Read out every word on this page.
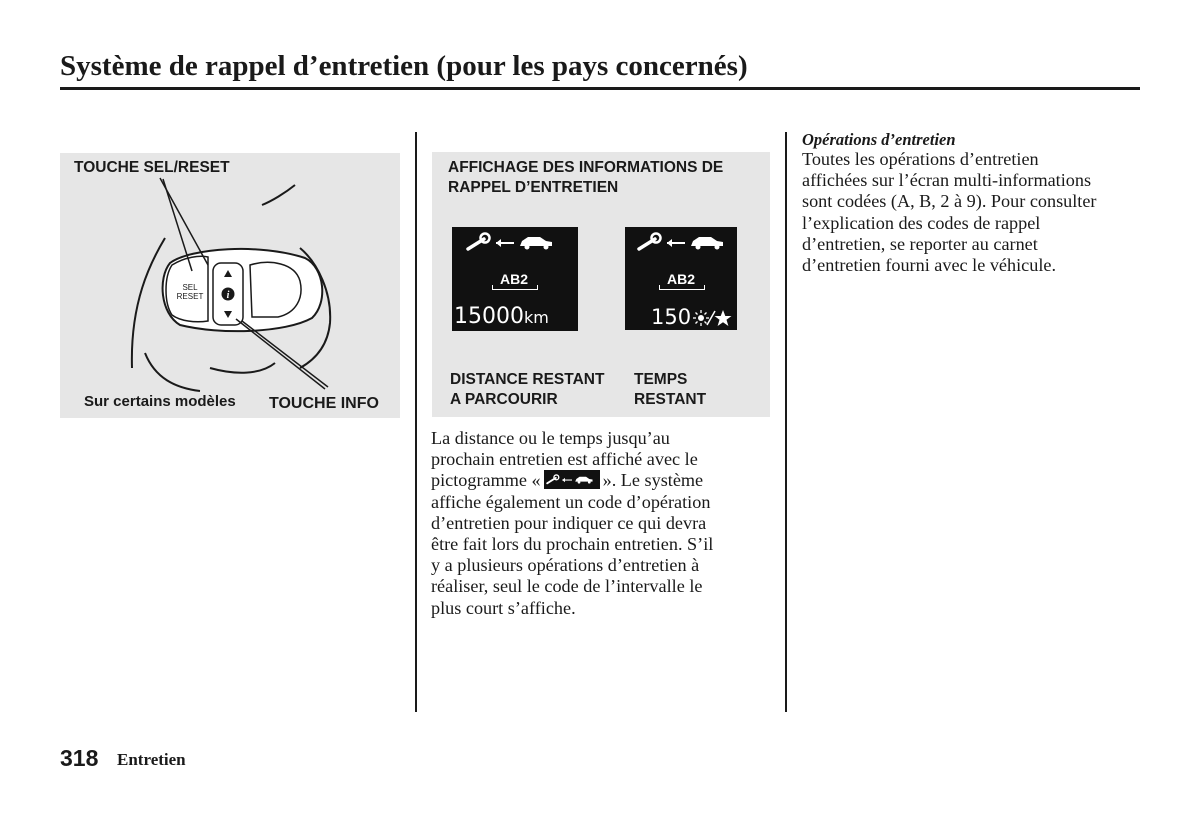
Système de rappel d’entretien (pour les pays concernés)
TOUCHE SEL/RESET
i
SEL
RESET
Sur certains modèles TOUCHE INFO
AFFICHAGE DES INFORMATIONS DE
RAPPEL D’ENTRETIEN
AB2
15000km
AB2
150
DISTANCE RESTANT
A PARCOURIR
TEMPS
RESTANT
La distance ou le temps jusqu’au
prochain entretien est affiché avec le
pictogramme «	». Le système
affiche également un code d’opération
d’entretien pour indiquer ce qui devra
être fait lors du prochain entretien. S’il
y a plusieurs opérations d’entretien à
réaliser, seul le code de l’intervalle le
plus court s’affiche.
Opérations d’entretien
Toutes les opérations d’entretien
affichées sur l’écran multi-informations
sont codées (A, B, 2 à 9). Pour consulter
l’explication des codes de rappel
d’entretien, se reporter au carnet
d’entretien fourni avec le véhicule.
318 Entretien
